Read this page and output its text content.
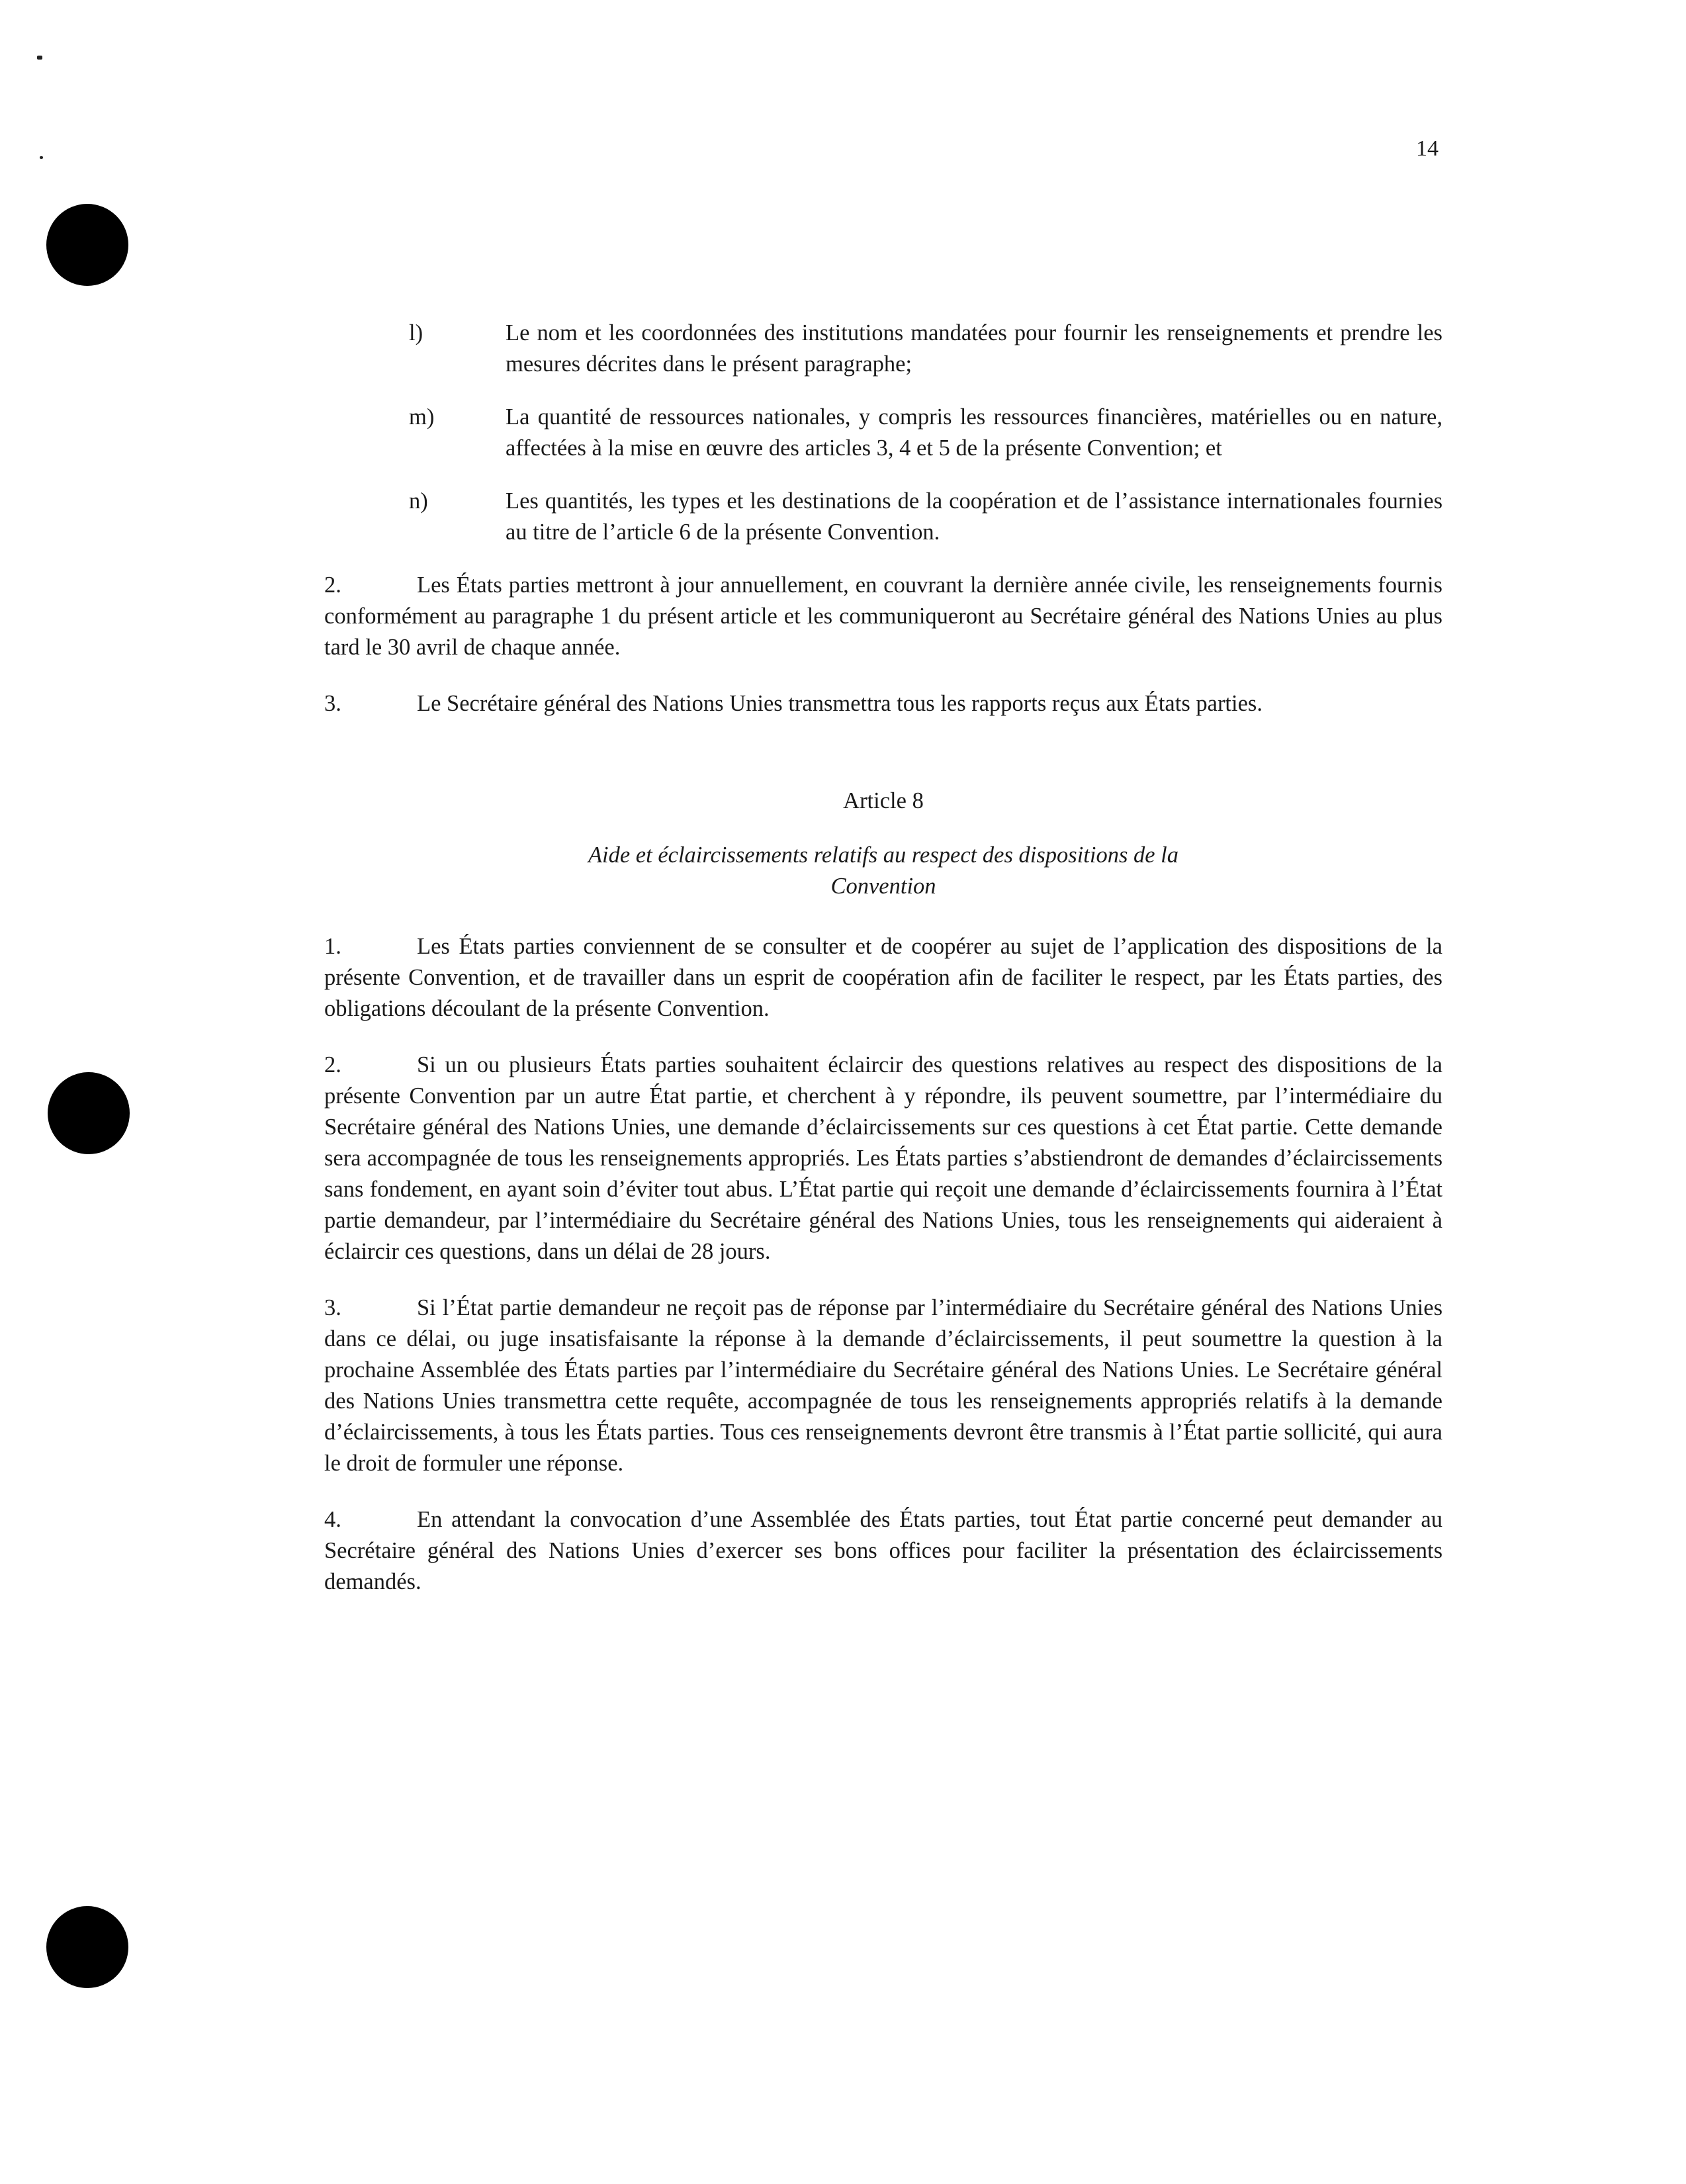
14
l)	Le nom et les coordonnées des institutions mandatées pour fournir les renseignements et prendre les mesures décrites dans le présent paragraphe;
m)	La quantité de ressources nationales, y compris les ressources financières, matérielles ou en nature, affectées à la mise en œuvre des articles 3, 4 et 5 de la présente Convention; et
n)	Les quantités, les types et les destinations de la coopération et de l’assistance internationales fournies au titre de l’article 6 de la présente Convention.

2.	Les États parties mettront à jour annuellement, en couvrant la dernière année civile, les renseignements fournis conformément au paragraphe 1 du présent article et les communiqueront au Secrétaire général des Nations Unies au plus tard le 30 avril de chaque année.

3.	Le Secrétaire général des Nations Unies transmettra tous les rapports reçus aux États parties.

Article 8
Aide et éclaircissements relatifs au respect des dispositions de la Convention

1.	Les États parties conviennent de se consulter et de coopérer au sujet de l’application des dispositions de la présente Convention, et de travailler dans un esprit de coopération afin de faciliter le respect, par les États parties, des obligations découlant de la présente Convention.

2.	Si un ou plusieurs États parties souhaitent éclaircir des questions relatives au respect des dispositions de la présente Convention par un autre État partie, et cherchent à y répondre, ils peuvent soumettre, par l’intermédiaire du Secrétaire général des Nations Unies, une demande d’éclaircissements sur ces questions à cet État partie. Cette demande sera accompagnée de tous les renseignements appropriés. Les États parties s’abstiendront de demandes d’éclaircissements sans fondement, en ayant soin d’éviter tout abus. L’État partie qui reçoit une demande d’éclaircissements fournira à l’État partie demandeur, par l’intermédiaire du Secrétaire général des Nations Unies, tous les renseignements qui aideraient à éclaircir ces questions, dans un délai de 28 jours.

3.	Si l’État partie demandeur ne reçoit pas de réponse par l’intermédiaire du Secrétaire général des Nations Unies dans ce délai, ou juge insatisfaisante la réponse à la demande d’éclaircissements, il peut soumettre la question à la prochaine Assemblée des États parties par l’intermédiaire du Secrétaire général des Nations Unies. Le Secrétaire général des Nations Unies transmettra cette requête, accompagnée de tous les renseignements appropriés relatifs à la demande d’éclaircissements, à tous les États parties. Tous ces renseignements devront être transmis à l’État partie sollicité, qui aura le droit de formuler une réponse.

4.	En attendant la convocation d’une Assemblée des États parties, tout État partie concerné peut demander au Secrétaire général des Nations Unies d’exercer ses bons offices pour faciliter la présentation des éclaircissements demandés.
